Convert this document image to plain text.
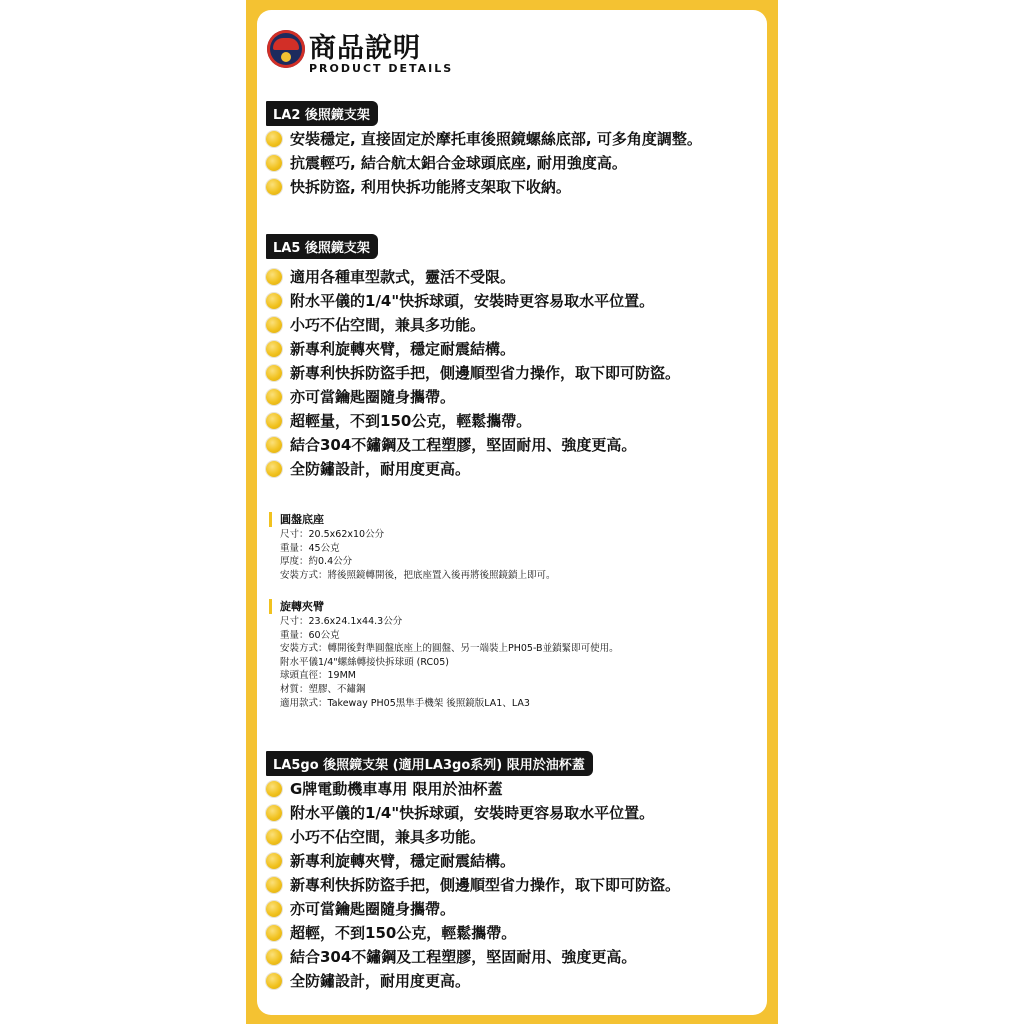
商品說明
PRODUCT DETAILS
LA2 後照鏡支架
安裝穩定, 直接固定於摩托車後照鏡螺絲底部, 可多角度調整。
抗震輕巧, 結合航太鋁合金球頭底座, 耐用強度高。
快拆防盜, 利用快拆功能將支架取下收納。
LA5 後照鏡支架
適用各種車型款式，靈活不受限。
附水平儀的1/4"快拆球頭，安裝時更容易取水平位置。
小巧不佔空間，兼具多功能。
新專利旋轉夾臂，穩定耐震結構。
新專利快拆防盜手把，側邊順型省力操作，取下即可防盜。
亦可當鑰匙圈隨身攜帶。
超輕量，不到150公克，輕鬆攜帶。
結合304不鏽鋼及工程塑膠，堅固耐用、強度更高。
全防鏽設計，耐用度更高。
圓盤底座
尺寸：20.5x62x10公分
重量：45公克
厚度：約0.4公分
安裝方式：將後照鏡轉開後，把底座置入後再將後照鏡鎖上即可。
旋轉夾臂
尺寸：23.6x24.1x44.3公分
重量：60公克
安裝方式：轉開後對準圓盤底座上的圓盤、另一端裝上PH05-B並鎖緊即可使用。
附水平儀1/4"螺絲轉接快拆球頭 (RC05)
球頭直徑：19MM
材質：塑膠、不鏽鋼
適用款式：Takeway PH05黑隼手機架 後照鏡版LA1、LA3
LA5go 後照鏡支架 (適用LA3go系列) 限用於油杯蓋
G牌電動機車專用 限用於油杯蓋
附水平儀的1/4"快拆球頭，安裝時更容易取水平位置。
小巧不佔空間，兼具多功能。
新專利旋轉夾臂，穩定耐震結構。
新專利快拆防盜手把，側邊順型省力操作，取下即可防盜。
亦可當鑰匙圈隨身攜帶。
超輕，不到150公克，輕鬆攜帶。
結合304不鏽鋼及工程塑膠，堅固耐用、強度更高。
全防鏽設計，耐用度更高。
